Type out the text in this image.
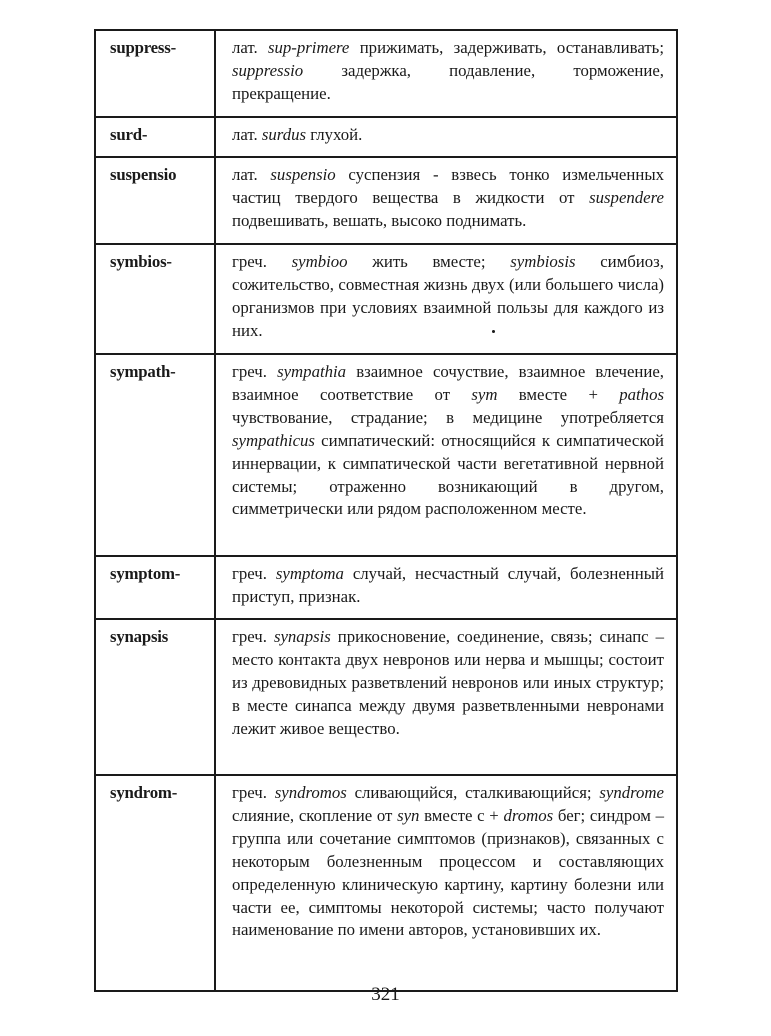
suppress-	лат. sup-primere прижимать, задерживать, останавливать; suppressio задержка, подавление, торможение, прекращение.
surd-	лат. surdus глухой.
suspensio	лат. suspensio суспензия - взвесь тонко измельченных частиц твердого вещества в жидкости от suspendere подвешивать, вешать, высоко поднимать.
symbios-	греч. symbioo жить вместе; symbiosis симбиоз, сожительство, совместная жизнь двух (или большего числа) организмов при условиях взаимной пользы для каждого из них.
sympath-	греч. sympathia взаимное сочуствие, взаимное влечение, взаимное соответствие от sym вместе + pathos чувствование, страдание; в медицине употребляется sympathicus симпатический: относящийся к симпатической иннервации, к симпатической части вегетативной нервной системы; отраженно возникающий в другом, симметрически или рядом расположенном месте.
symptom-	греч. symptoma случай, несчастный случай, болезненный приступ, признак.
synapsis	греч. synapsis прикосновение, соединение, связь; синапс – место контакта двух невронов или нерва и мышцы; состоит из древовидных разветвлений невронов или иных структур; в месте синапса между двумя разветвленными невронами лежит живое вещество.
syndrom-	греч. syndromos сливающийся, сталкивающийся; syndrome слияние, скопление от syn вместе с + dromos бег; синдром – группа или сочетание симптомов (признаков), связанных с некоторым болезненным процессом и составляющих определенную клиническую картину, картину болезни или части ее, симптомы некоторой системы; часто получают наименование по имени авторов, установивших их.
321
